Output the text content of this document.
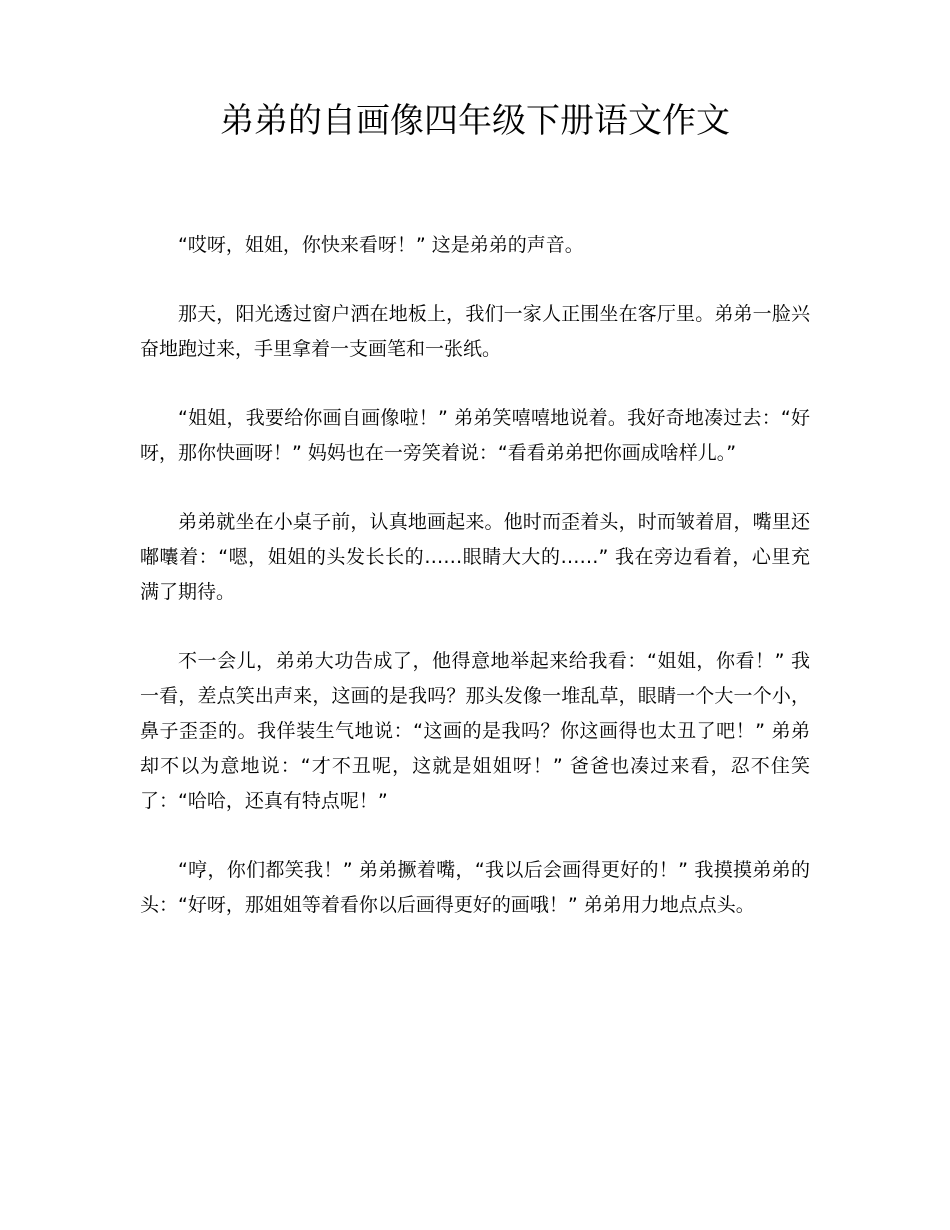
弟弟的自画像四年级下册语文作文

“哎呀，姐姐，你快来看呀！” 这是弟弟的声音。

那天，阳光透过窗户洒在地板上，我们一家人正围坐在客厅里。弟弟一脸兴奋地跑过来，手里拿着一支画笔和一张纸。

“姐姐，我要给你画自画像啦！” 弟弟笑嘻嘻地说着。我好奇地凑过去：“好呀，那你快画呀！” 妈妈也在一旁笑着说：“看看弟弟把你画成啥样儿。”

弟弟就坐在小桌子前，认真地画起来。他时而歪着头，时而皱着眉，嘴里还嘟囔着：“嗯，姐姐的头发长长的……眼睛大大的……” 我在旁边看着，心里充满了期待。

不一会儿，弟弟大功告成了，他得意地举起来给我看：“姐姐，你看！” 我一看，差点笑出声来，这画的是我吗？那头发像一堆乱草，眼睛一个大一个小，鼻子歪歪的。我佯装生气地说：“这画的是我吗？你这画得也太丑了吧！” 弟弟却不以为意地说：“才不丑呢，这就是姐姐呀！” 爸爸也凑过来看，忍不住笑了：“哈哈，还真有特点呢！”

“哼，你们都笑我！” 弟弟撅着嘴，“我以后会画得更好的！” 我摸摸弟弟的头：“好呀，那姐姐等着看你以后画得更好的画哦！” 弟弟用力地点点头。
